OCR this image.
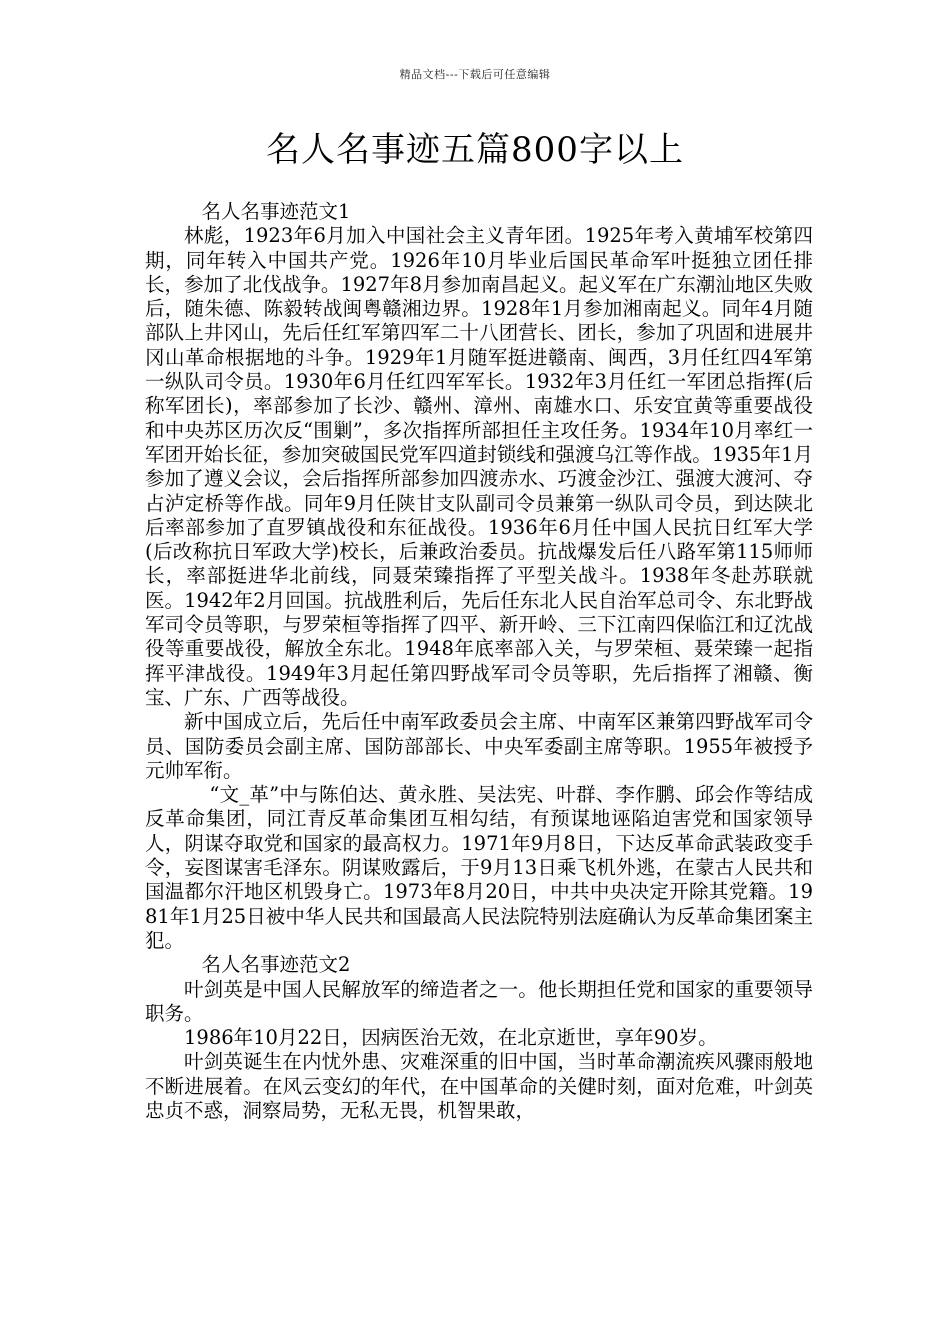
精品文档---下载后可任意编辑
名人名事迹五篇800字以上

名人名事迹范文1

林彪，1923年6月加入中国社会主义青年团。1925年考入黄埔军校第四期，同年转入中国共产党。1926年10月毕业后国民革命军叶挺独立团任排长，参加了北伐战争。1927年8月参加南昌起义。起义军在广东潮汕地区失败后，随朱德、陈毅转战闽粤赣湘边界。1928年1月参加湘南起义。同年4月随部队上井冈山，先后任红军第四军二十八团营长、团长，参加了巩固和进展井冈山革命根据地的斗争。1929年1月随军挺进赣南、闽西，3月任红四4军第一纵队司令员。1930年6月任红四军军长。1932年3月任红一军团总指挥(后称军团长)，率部参加了长沙、赣州、漳州、南雄水口、乐安宜黄等重要战役和中央苏区历次反“围剿”，多次指挥所部担任主攻任务。1934年10月率红一军团开始长征，参加突破国民党军四道封锁线和强渡乌江等作战。1935年1月参加了遵义会议，会后指挥所部参加四渡赤水、巧渡金沙江、强渡大渡河、夺占泸定桥等作战。同年9月任陕甘支队副司令员兼第一纵队司令员，到达陕北后率部参加了直罗镇战役和东征战役。1936年6月任中国人民抗日红军大学(后改称抗日军政大学)校长，后兼政治委员。抗战爆发后任八路军第115师师长，率部挺进华北前线，同聂荣臻指挥了平型关战斗。1938年冬赴苏联就医。1942年2月回国。抗战胜利后，先后任东北人民自治军总司令、东北野战军司令员等职，与罗荣桓等指挥了四平、新开岭、三下江南四保临江和辽沈战役等重要战役，解放全东北。1948年底率部入关，与罗荣桓、聂荣臻一起指挥平津战役。1949年3月起任第四野战军司令员等职，先后指挥了湘赣、衡宝、广东、广西等战役。

新中国成立后，先后任中南军政委员会主席、中南军区兼第四野战军司令员、国防委员会副主席、国防部部长、中央军委副主席等职。1955年被授予元帅军衔。

“文_革”中与陈伯达、黄永胜、吴法宪、叶群、李作鹏、邱会作等结成反革命集团，同江青反革命集团互相勾结，有预谋地诬陷迫害党和国家领导人，阴谋夺取党和国家的最高权力。1971年9月8日，下达反革命武装政变手令，妄图谋害毛泽东。阴谋败露后，于9月13日乘飞机外逃，在蒙古人民共和国温都尔汗地区机毁身亡。1973年8月20日，中共中央决定开除其党籍。1981年1月25日被中华人民共和国最高人民法院特别法庭确认为反革命集团案主犯。

名人名事迹范文2

叶剑英是中国人民解放军的缔造者之一。他长期担任党和国家的重要领导职务。

1986年10月22日，因病医治无效，在北京逝世，享年90岁。

叶剑英诞生在内忧外患、灾难深重的旧中国，当时革命潮流疾风骤雨般地不断进展着。在风云变幻的年代，在中国革命的关健时刻，面对危难，叶剑英忠贞不惑，洞察局势，无私无畏，机智果敢，
